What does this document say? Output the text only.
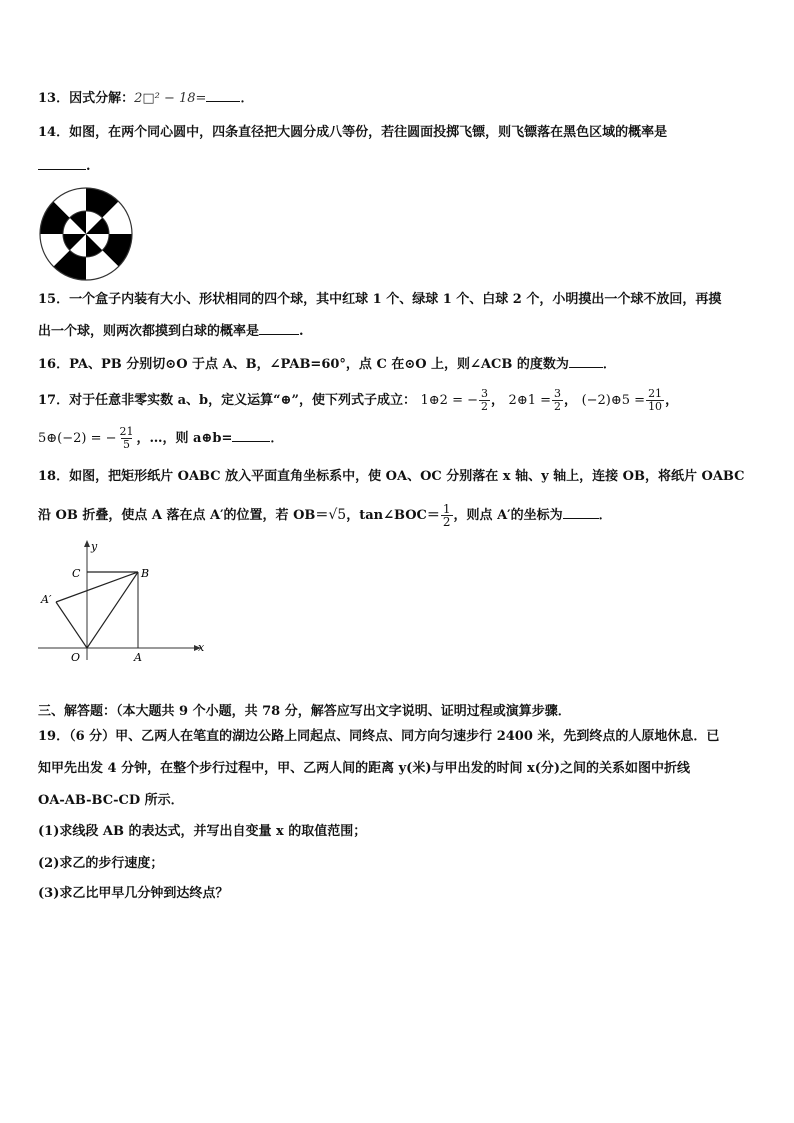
13．因式分解：2□² − 18=	．
14．如图，在两个同心圆中，四条直径把大圆分成八等份，若往圆面投掷飞镖，则飞镖落在黑色区域的概率是
.
15．一个盒子内装有大小、形状相同的四个球，其中红球 1 个、绿球 1 个、白球 2 个，小明摸出一个球不放回，再摸
出一个球，则两次都摸到白球的概率是	.
16．PA、PB 分别切⊙O 于点 A、B，∠PAB=60°，点 C 在⊙O 上，则∠ACB 的度数为	．
17．对于任意非零实数 a、b，定义运算“⊕”，使下列式子成立： 1⊕2 = − $\frac{3}{2}$ ， 2⊕1 = $\frac{3}{2}$ ， (−2)⊕5 = $\frac{21}{10}$ ，
5⊕(−2) = − $\frac{21}{5}$ ，…，则 a⊕b=	．
18．如图，把矩形纸片 OABC 放入平面直角坐标系中，使 OA、OC 分别落在 x 轴、y 轴上，连接 OB，将纸片 OABC
沿 OB 折叠，使点 A 落在点 A′的位置，若 OB＝√5，tan∠BOC＝ $\frac{1}{2}$ ，则点 A′的坐标为	．
y
x
C	B
A′
O	A
三、解答题：（本大题共 9 个小题，共 78 分，解答应写出文字说明、证明过程或演算步骤．
19．（6 分）甲、乙两人在笔直的湖边公路上同起点、同终点、同方向匀速步行 2400 米，先到终点的人原地休息．已
知甲先出发 4 分钟，在整个步行过程中，甲、乙两人间的距离 y(米)与甲出发的时间 x(分)之间的关系如图中折线
OA-AB-BC-CD 所示．
(1)求线段 AB 的表达式，并写出自变量 x 的取值范围；
(2)求乙的步行速度；
(3)求乙比甲早几分钟到达终点？
